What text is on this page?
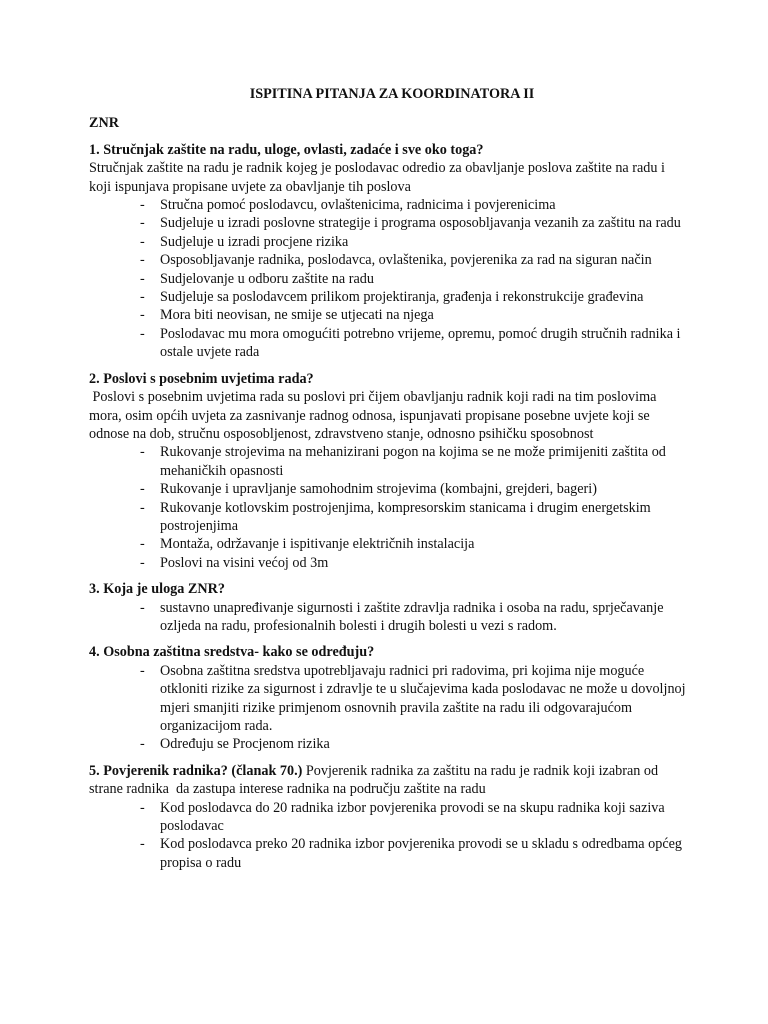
ISPITINA PITANJA ZA KOORDINATORA II
ZNR

1. Stručnjak zaštite na radu, uloge, ovlasti, zadaće i sve oko toga?

Stručnjak zaštite na radu je radnik kojeg je poslodavac odredio za obavljanje poslova zaštite na radu i koji ispunjava propisane uvjete za obavljanje tih poslova

- Stručna pomoć poslodavcu, ovlaštenicima, radnicima i povjerenicima
- Sudjeluje u izradi poslovne strategije i programa osposobljavanja vezanih za zaštitu na radu
- Sudjeluje u izradi procjene rizika
- Osposobljavanje radnika, poslodavca, ovlaštenika, povjerenika za rad na siguran način
- Sudjelovanje u odboru zaštite na radu
- Sudjeluje sa poslodavcem prilikom projektiranja, građenja i rekonstrukcije građevina
- Mora biti neovisan, ne smije se utjecati na njega
- Poslodavac mu mora omogućiti potrebno vrijeme, opremu, pomoć drugih stručnih radnika i ostale uvjete rada

2. Poslovi s posebnim uvjetima rada?

Poslovi s posebnim uvjetima rada su poslovi pri čijem obavljanju radnik koji radi na tim poslovima mora, osim općih uvjeta za zasnivanje radnog odnosa, ispunjavati propisane posebne uvjete koji se odnose na dob, stručnu osposobljenost, zdravstveno stanje, odnosno psihičku sposobnost

- Rukovanje strojevima na mehanizirani pogon na kojima se ne može primijeniti zaštita od mehaničkih opasnosti
- Rukovanje i upravljanje samohodnim strojevima (kombajni, grejderi, bageri)
- Rukovanje kotlovskim postrojenjima, kompresorskim stanicama i drugim energetskim postrojenjima
- Montaža, održavanje i ispitivanje električnih instalacija
- Poslovi na visini većoj od 3m

3. Koja je uloga ZNR?

- sustavno unapređivanje sigurnosti i zaštite zdravlja radnika i osoba na radu, sprječavanje ozljeda na radu, profesionalnih bolesti i drugih bolesti u vezi s radom.

4. Osobna zaštitna sredstva- kako se određuju?

- Osobna zaštitna sredstva upotrebljavaju radnici pri radovima, pri kojima nije moguće otkloniti rizike za sigurnost i zdravlje te u slučajevima kada poslodavac ne može u dovoljnoj mjeri smanjiti rizike primjenom osnovnih pravila zaštite na radu ili odgovarajućom organizacijom rada.
- Određuju se Procjenom rizika

5. Povjerenik radnika? (članak 70.) Povjerenik radnika za zaštitu na radu je radnik koji izabran od strane radnika  da zastupa interese radnika na području zaštite na radu

- Kod poslodavca do 20 radnika izbor povjerenika provodi se na skupu radnika koji saziva poslodavac
- Kod poslodavca preko 20 radnika izbor povjerenika provodi se u skladu s odredbama općeg propisa o radu
